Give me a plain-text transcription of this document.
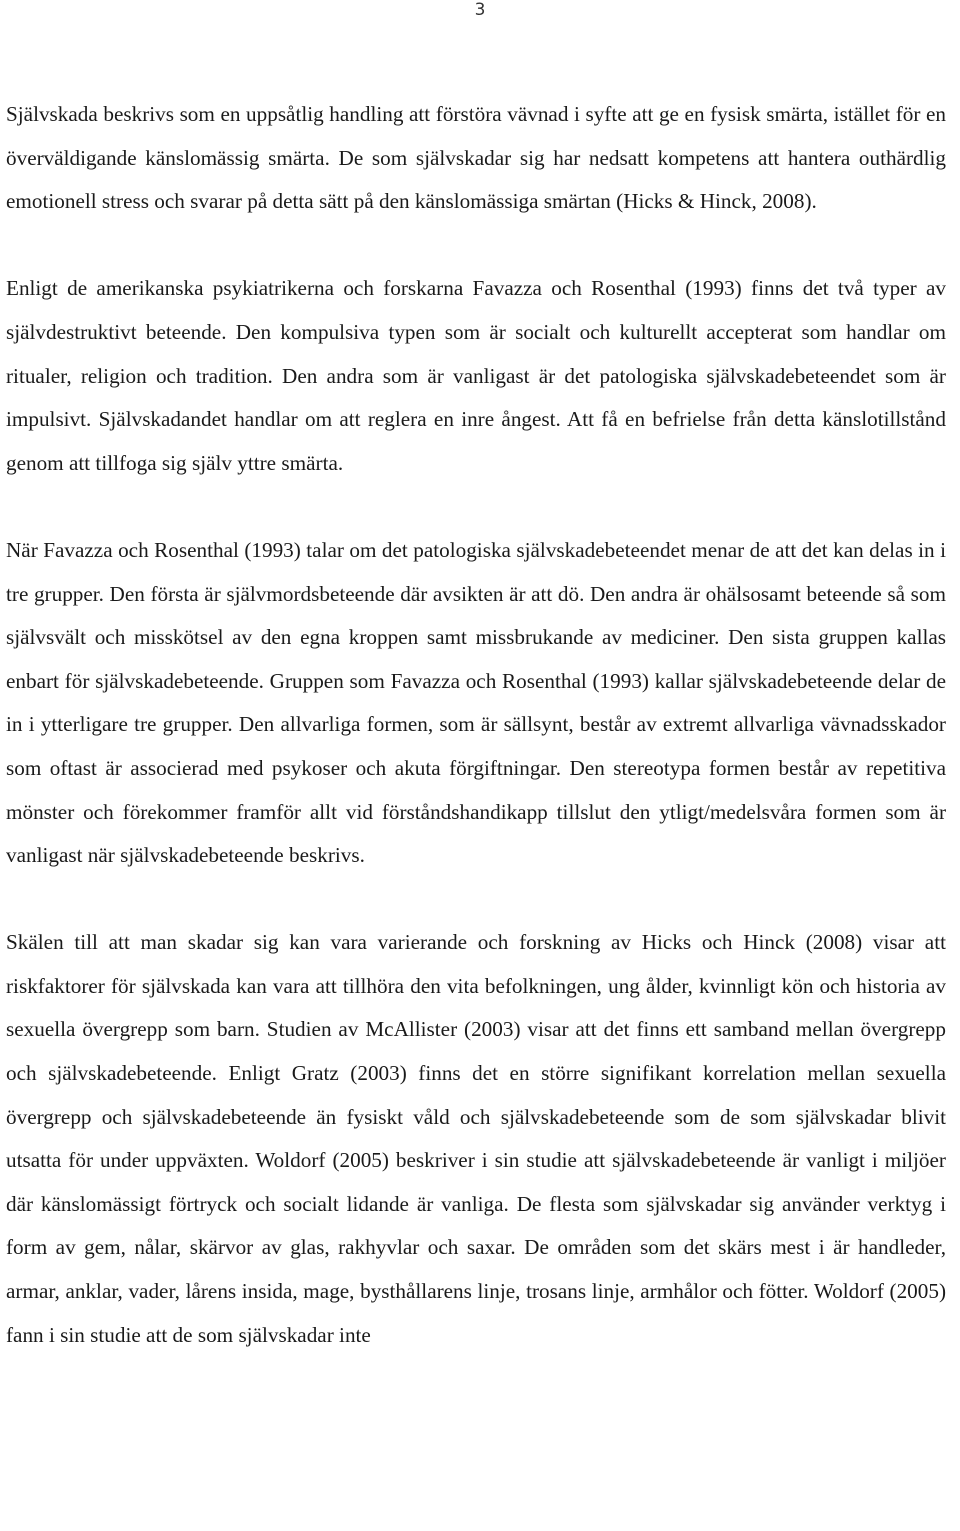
3

Självskada beskrivs som en uppsåtlig handling att förstöra vävnad i syfte att ge en fysisk smärta, istället för en överväldigande känslomässig smärta. De som självskadar sig har nedsatt kompetens att hantera outhärdlig emotionell stress och svarar på detta sätt på den känslomässiga smärtan (Hicks & Hinck, 2008).

Enligt de amerikanska psykiatrikerna och forskarna Favazza och Rosenthal (1993) finns det två typer av självdestruktivt beteende. Den kompulsiva typen som är socialt och kulturellt accepterat som handlar om ritualer, religion och tradition. Den andra som är vanligast är det patologiska självskadebeteendet som är impulsivt. Självskadandet handlar om att reglera en inre ångest. Att få en befrielse från detta känslotillstånd genom att tillfoga sig själv yttre smärta.

När Favazza och Rosenthal (1993) talar om det patologiska självskadebeteendet menar de att det kan delas in i tre grupper. Den första är självmordsbeteende där avsikten är att dö. Den andra är ohälsosamt beteende så som självsvält och misskötsel av den egna kroppen samt missbrukande av mediciner. Den sista gruppen kallas enbart för självskadebeteende. Gruppen som Favazza och Rosenthal (1993) kallar självskadebeteende delar de in i ytterligare tre grupper. Den allvarliga formen, som är sällsynt, består av extremt allvarliga vävnadsskador som oftast är associerad med psykoser och akuta förgiftningar. Den stereotypa formen består av repetitiva mönster och förekommer framför allt vid förståndshandikapp tillslut den ytligt/medelsvåra formen som är vanligast när självskadebeteende beskrivs.

Skälen till att man skadar sig kan vara varierande och forskning av Hicks och Hinck (2008) visar att riskfaktorer för självskada kan vara att tillhöra den vita befolkningen, ung ålder, kvinnligt kön och historia av sexuella övergrepp som barn. Studien av McAllister (2003) visar att det finns ett samband mellan övergrepp och självskadebeteende. Enligt Gratz (2003) finns det en större signifikant korrelation mellan sexuella övergrepp och självskadebeteende än fysiskt våld och självskadebeteende som de som självskadar blivit utsatta för under uppväxten. Woldorf (2005) beskriver i sin studie att självskadebeteende är vanligt i miljöer där känslomässigt förtryck och socialt lidande är vanliga. De flesta som självskadar sig använder verktyg i form av gem, nålar, skärvor av glas, rakhyvlar och saxar. De områden som det skärs mest i är handleder, armar, anklar, vader, lårens insida, mage, bysthållarens linje, trosans linje, armhålor och fötter. Woldorf (2005) fann i sin studie att de som självskadar inte
